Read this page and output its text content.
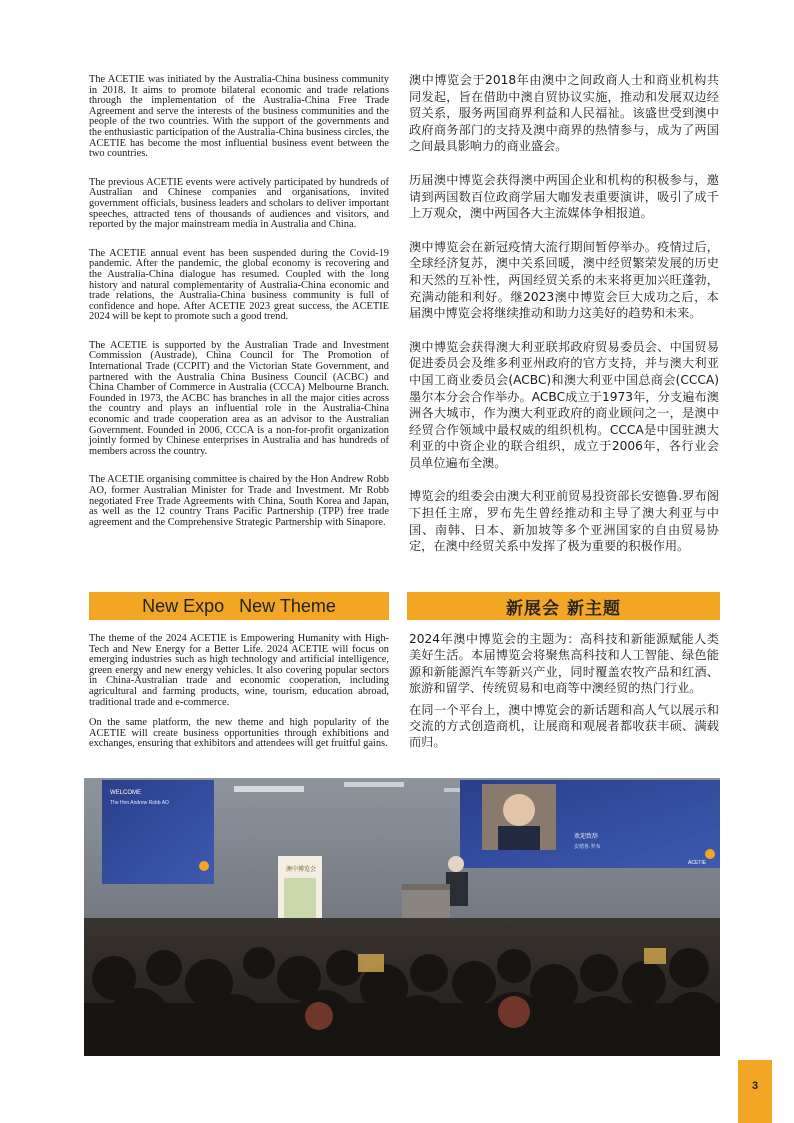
The ACETIE was initiated by the Australia-China business community in 2018. It aims to promote bilateral economic and trade relations through the implementation of the Australia-China Free Trade Agreement and serve the interests of the business communities and the people of the two countries. With the support of the governments and the enthusiastic participation of the Australia-China business circles, the ACETIE has become the most influential business event between the two countries.

The previous ACETIE events were actively participated by hundreds of Australian and Chinese companies and organisations, invited government officials, business leaders and scholars to deliver important speeches, attracted tens of thousands of audiences and visitors, and reported by the major mainstream media in Australia and China.

The ACETIE annual event has been suspended during the Covid-19 pandemic. After the pandemic, the global economy is recovering and the Australia-China dialogue has resumed. Coupled with the long history and natural complementarity of Australia-China economic and trade relations, the Australia-China business community is full of confidence and hope. After ACETIE 2023 great success, the ACETIE 2024 will be kept to promote such a good trend.

The ACETIE is supported by the Australian Trade and Investment Commission (Austrade), China Council for The Promotion of International Trade (CCPIT) and the Victorian State Government, and partnered with the Australia China Business Council (ACBC) and China Chamber of Commerce in Australia (CCCA) Melbourne Branch. Founded in 1973, the ACBC has branches in all the major cities across the country and plays an influential role in the Australia-China economic and trade cooperation area as an advisor to the Australian Government. Founded in 2006, CCCA is a non-for-profit organization jointly formed by Chinese enterprises in Australia and has hundreds of members across the country.

The ACETIE organising committee is chaired by the Hon Andrew Robb AO, former Australian Minister for Trade and Investment. Mr Robb negotiated Free Trade Agreements with China, South Korea and Japan, as well as the 12 country Trans Pacific Partnership (TPP) free trade agreement and the Comprehensive Strategic Partnership with Sinapore.

澳中博览会于2018年由澳中之间政商人士和商业机构共同发起，旨在借助中澳自贸协议实施，推动和发展双边经贸关系，服务两国商界利益和人民福祉。该盛世受到澳中政府商务部门的支持及澳中商界的热情参与，成为了两国之间最具影响力的商业盛会。

历届澳中博览会获得澳中两国企业和机构的积极参与，邀请到两国数百位政商学届大咖发表重要演讲，吸引了成千上万观众，澳中两国各大主流媒体争相报道。

澳中博览会在新冠疫情大流行期间暂停举办。疫情过后，全球经济复苏，澳中关系回暖，澳中经贸繁荣发展的历史和天然的互补性，两国经贸关系的未来将更加兴旺蓬勃，充满动能和利好。继2023澳中博览会巨大成功之后，本届澳中博览会将继续推动和助力这美好的趋势和未来。

澳中博览会获得澳大利亚联邦政府贸易委员会、中国贸易促进委员会及维多利亚州政府的官方支持，并与澳大利亚中国工商业委员会(ACBC)和澳大利亚中国总商会(CCCA)墨尔本分会合作举办。ACBC成立于1973年，分支遍布澳洲各大城市，作为澳大利亚政府的商业顾问之一，是澳中经贸合作领域中最权威的组织机构。CCCA是中国驻澳大利亚的中资企业的联合组织，成立于2006年，各行业会员单位遍布全澳。

博览会的组委会由澳大利亚前贸易投资部长安德鲁.罗布阁下担任主席，罗布先生曾经推动和主导了澳大利亚与中国、南韩、日本、新加坡等多个亚洲国家的自由贸易协定，在澳中经贸关系中发挥了极为重要的积极作用。

New Expo   New Theme	新展会 新主题

The theme of the 2024 ACETIE is Empowering Humanity with High-Tech and New Energy for a Better Life. 2024 ACETIE will focus on emerging industries such as high technology and artificial intelligence, green energy and new energy vehicles. It also covering popular sectors in China-Australian trade and economic cooperation, including agricultural and farming products, wine, tourism, education abroad, traditional trade and e-commerce.

On the same platform, the new theme and high popularity of the ACETIE will create business opportunities through exhibitions and exchanges, ensuring that exhibitors and attendees will get fruitful gains.

2024年澳中博览会的主题为：高科技和新能源赋能人类美好生活。本届博览会将聚焦高科技和人工智能、绿色能源和新能源汽车等新兴产业，同时覆盖农牧产品和红酒、旅游和留学、传统贸易和电商等中澳经贸的热门行业。

在同一个平台上，澳中博览会的新话题和高人气以展示和交流的方式创造商机，让展商和观展者都收获丰硕、满载而归。

WELCOME
The Hon Andrew Robb AO
澳中博览会
欢迎致辞
安德鲁.罗布
ACETIE
3
